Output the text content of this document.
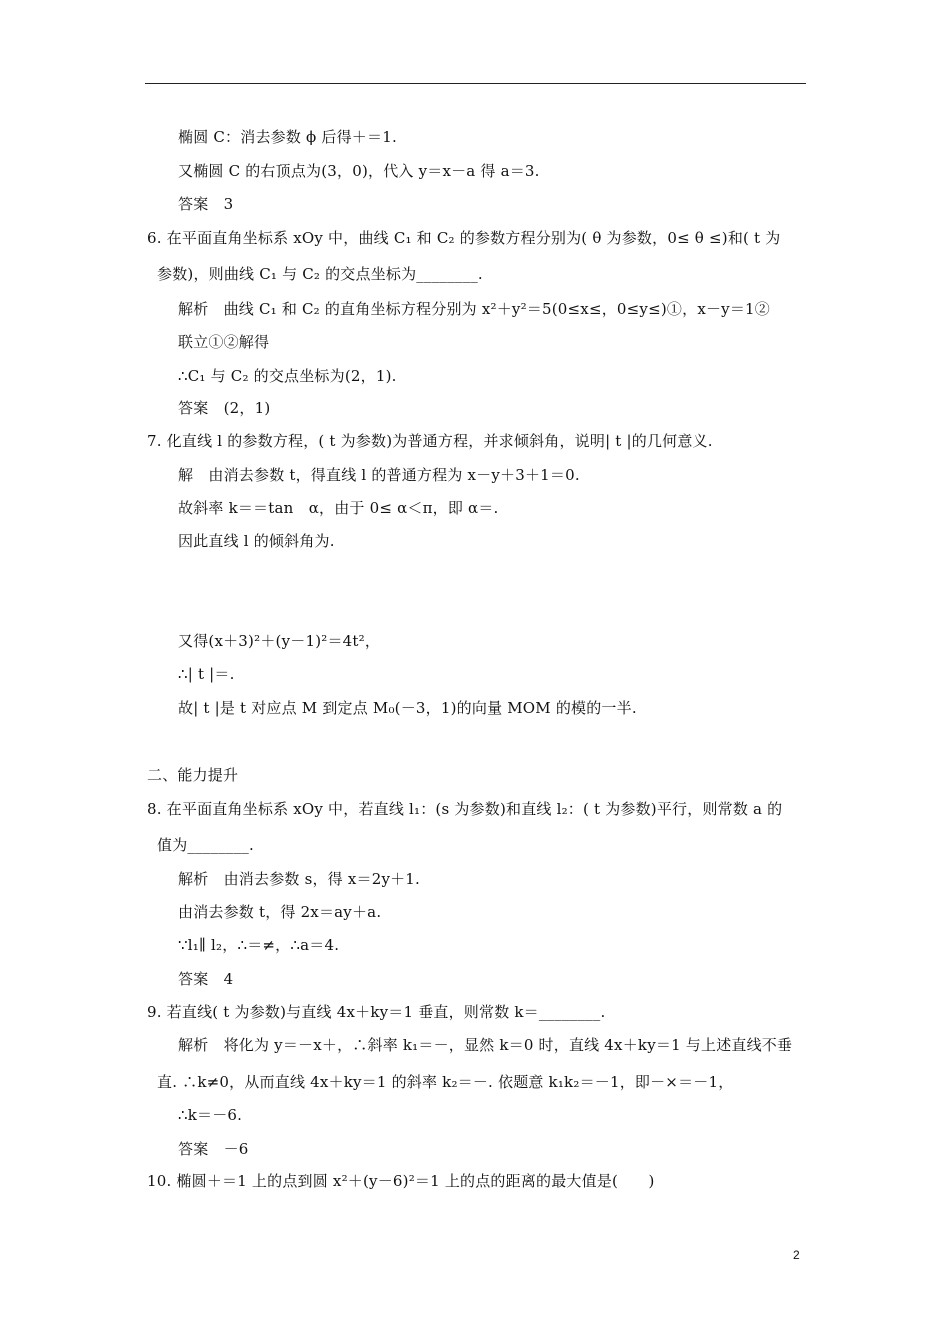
椭圆 C：消去参数 ϕ 后得＋＝1.
又椭圆 C 的右顶点为(3，0)，代入 y＝x－a 得 a＝3.
答案　3
6. 在平面直角坐标系 xOy 中，曲线 C₁ 和 C₂ 的参数方程分别为( θ 为参数，0≤ θ ≤)和( t 为
参数)，则曲线 C₁ 与 C₂ 的交点坐标为________.
解析　曲线 C₁ 和 C₂ 的直角坐标方程分别为 x²＋y²＝5(0≤x≤，0≤y≤)①，x－y＝1②
联立①②解得
∴C₁ 与 C₂ 的交点坐标为(2，1).
答案　(2，1)
7. 化直线 l 的参数方程，( t 为参数)为普通方程，并求倾斜角，说明| t |的几何意义.
解　由消去参数 t，得直线 l 的普通方程为 x－y＋3＋1＝0.
故斜率 k＝＝tan　α，由于 0≤ α＜π，即 α＝.
因此直线 l 的倾斜角为.
又得(x＋3)²＋(y－1)²＝4t²，
∴| t |＝.
故| t |是 t 对应点 M 到定点 M₀(－3，1)的向量 MOM 的模的一半.
二、能力提升
8. 在平面直角坐标系 xOy 中，若直线 l₁：(s 为参数)和直线 l₂：( t 为参数)平行，则常数 a 的
值为________.
解析　由消去参数 s，得 x＝2y＋1.
由消去参数 t，得 2x＝ay＋a.
∵l₁∥ l₂，∴＝≠，∴a＝4.
答案　4
9. 若直线( t 为参数)与直线 4x＋ky＝1 垂直，则常数 k＝________.
解析　将化为 y＝－x＋，∴斜率 k₁＝－，显然 k＝0 时，直线 4x＋ky＝1 与上述直线不垂
直. ∴k≠0，从而直线 4x＋ky＝1 的斜率 k₂＝－. 依题意 k₁k₂＝－1，即－×＝－1，
∴k＝－6.
答案　－6
10. 椭圆＋＝1 上的点到圆 x²＋(y－6)²＝1 上的点的距离的最大值是(　　)
2
